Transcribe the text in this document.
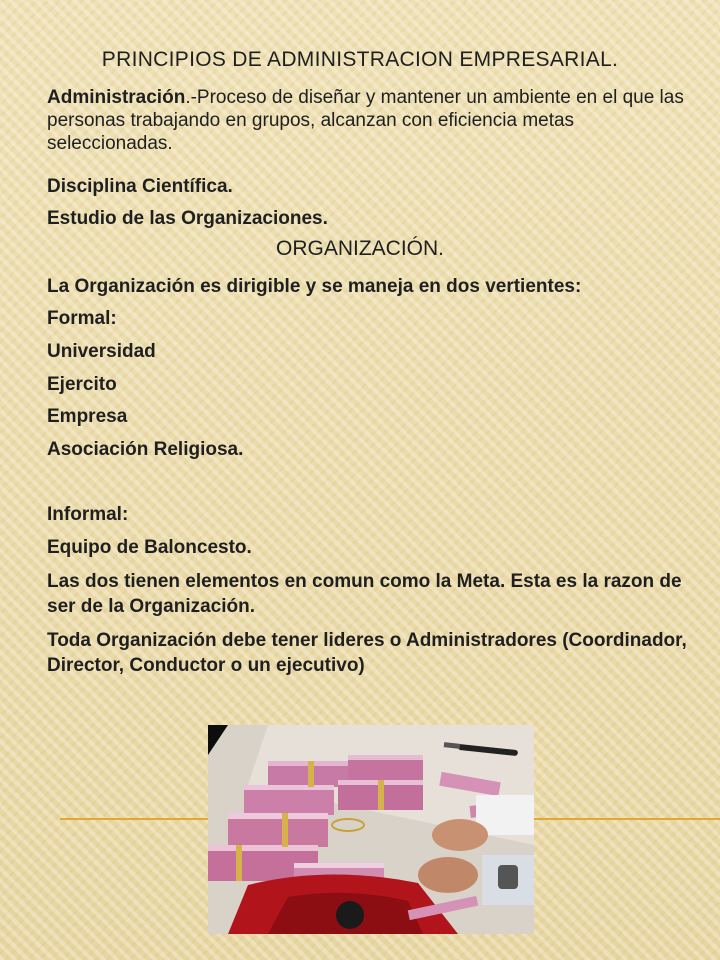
PRINCIPIOS DE ADMINISTRACION EMPRESARIAL.
Administración.-Proceso de diseñar y mantener un ambiente en el que las personas trabajando en grupos, alcanzan con eficiencia metas seleccionadas.
Disciplina Científica.
Estudio de las Organizaciones.
ORGANIZACIÓN.
La Organización es dirigible y se maneja en dos vertientes:
Formal:
Universidad
Ejercito
Empresa
Asociación Religiosa.
Informal:
Equipo de Baloncesto.
Las dos tienen elementos en comun como la Meta. Esta es la razon de ser de la Organización.
Toda Organización debe tener lideres o Administradores (Coordinador, Director, Conductor o un ejecutivo)
